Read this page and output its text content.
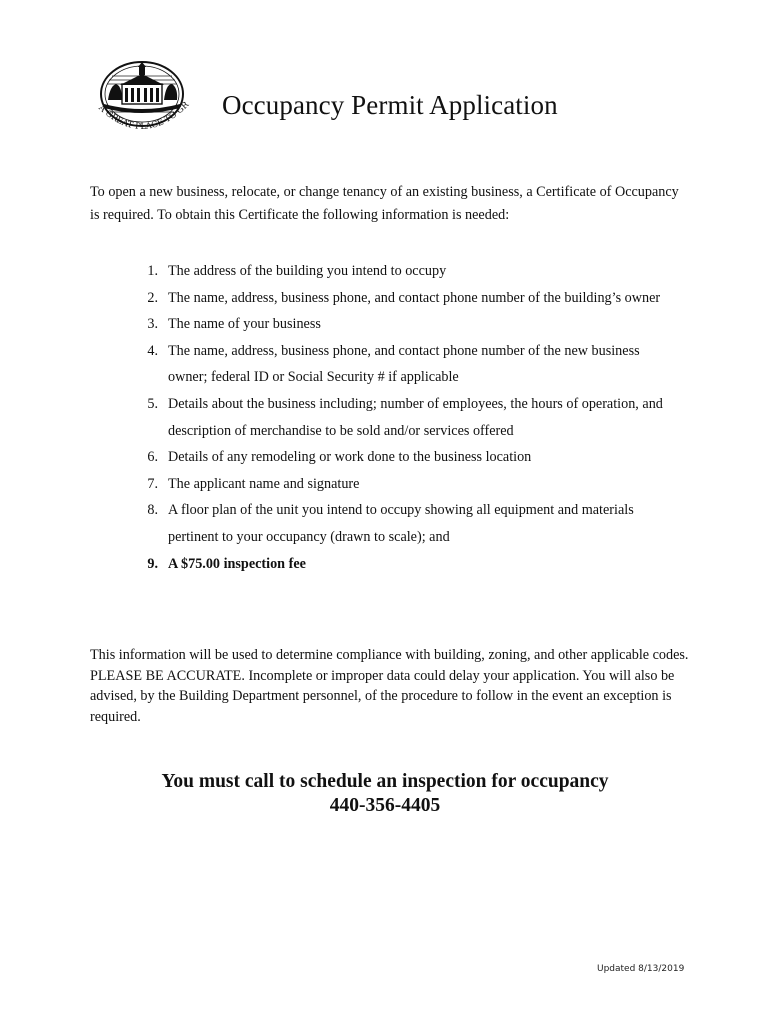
A GREAT PLACE TO GR Occupancy Permit Application

To open a new business, relocate, or change tenancy of an existing business, a Certificate of Occupancy is required. To obtain this Certificate the following information is needed:

1. The address of the building you intend to occupy
2. The name, address, business phone, and contact phone number of the building’s owner
3. The name of your business
4. The name, address, business phone, and contact phone number of the new business owner; federal ID or Social Security # if applicable
5. Details about the business including; number of employees, the hours of operation, and description of merchandise to be sold and/or services offered
6. Details of any remodeling or work done to the business location
7. The applicant name and signature
8. A floor plan of the unit you intend to occupy showing all equipment and materials pertinent to your occupancy (drawn to scale); and
9. A $75.00 inspection fee

This information will be used to determine compliance with building, zoning, and other applicable codes. PLEASE BE ACCURATE. Incomplete or improper data could delay your application. You will also be advised, by the Building Department personnel, of the procedure to follow in the event an exception is required.

You must call to schedule an inspection for occupancy

440-356-4405

Updated 8/13/2019
